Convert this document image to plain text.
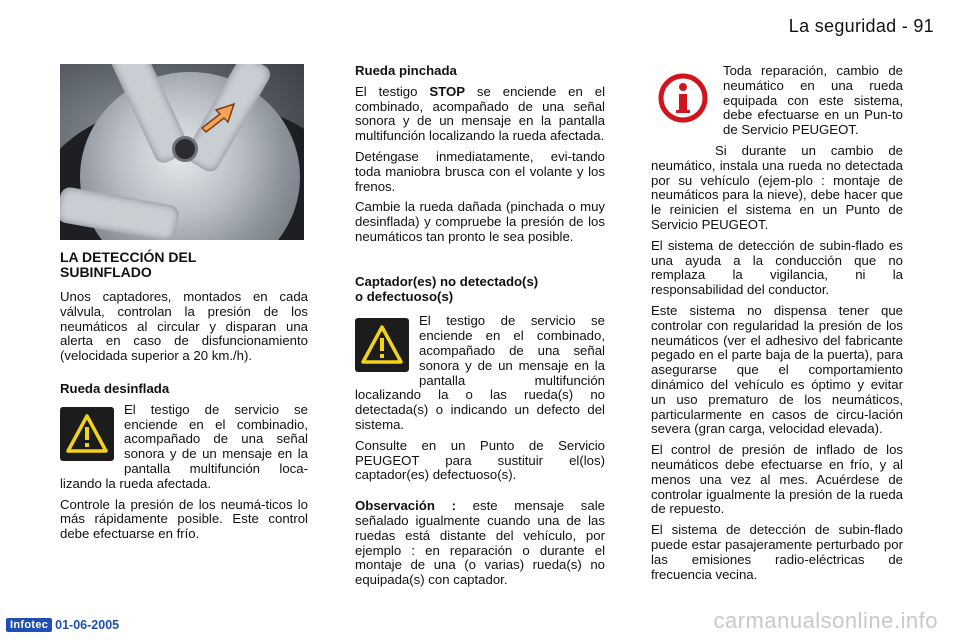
La seguridad - 91
LA DETECCIÓN DEL
SUBINFLADO

Unos captadores, montados en cada válvula, controlan la presión de los neumáticos al circular y disparan una alerta en caso de disfuncionamiento (velocidada superior a 20 km./h).

Rueda desinflada
El testigo de servicio se enciende en el combinadio, acompañado de una señal sonora y de un mensaje en la pantalla multifunción loca-lizando la rueda afectada.

Controle la presión de los neumá-ticos lo más rápidamente posible. Este control debe efectuarse en frío.

Rueda pinchada

El testigo STOP se enciende en el combinado, acompañado de una señal sonora y de un mensaje en la pantalla multifunción localizando la rueda afectada.

Deténgase inmediatamente, evi-tando toda maniobra brusca con el volante y los frenos.

Cambie la rueda dañada (pinchada o muy desinflada) y compruebe la presión de los neumáticos tan pronto le sea posible.

Captador(es) no detectado(s)
o defectuoso(s)
El testigo de servicio se enciende en el combinado, acompañado de una señal sonora y de un mensaje en la pantalla multifunción localizando la o las rueda(s) no detectada(s) o indicando un defecto del sistema.

Consulte en un Punto de Servicio PEUGEOT para sustituir el(los) captador(es) defectuoso(s).

Observación : este mensaje sale señalado igualmente cuando una de las ruedas está distante del vehículo, por ejemplo : en reparación o durante el montaje de una (o varias) rueda(s) no equipada(s) con captador.

Toda reparación, cambio de neumático en una rueda equipada con este sistema, debe efectuarse en un Pun-to de Servicio PEUGEOT.

Si durante un cambio de neumático, instala una rueda no detectada por su vehículo (ejem-plo : montaje de neumáticos para la nieve), debe hacer que le reinicien el sistema en un Punto de Servicio PEUGEOT.

El sistema de detección de subin-flado es una ayuda a la conducción que no remplaza la vigilancia, ni la responsabilidad del conductor.

Este sistema no dispensa tener que controlar con regularidad la presión de los neumáticos (ver el adhesivo del fabricante pegado en el parte baja de la puerta), para asegurarse que el comportamiento dinámico del vehículo es óptimo y evitar un uso prematuro de los neumáticos, particularmente en casos de circu-lación severa (gran carga, velocidad elevada).

El control de presión de inflado de los neumáticos debe efectuarse en frío, y al menos una vez al mes. Acuérdese de controlar igualmente la presión de la rueda de repuesto.

El sistema de detección de subin-flado puede estar pasajeramente perturbado por las emisiones radio-eléctricas de frecuencia vecina.

Infotec 01-06-2005	carmanualsonline.info
